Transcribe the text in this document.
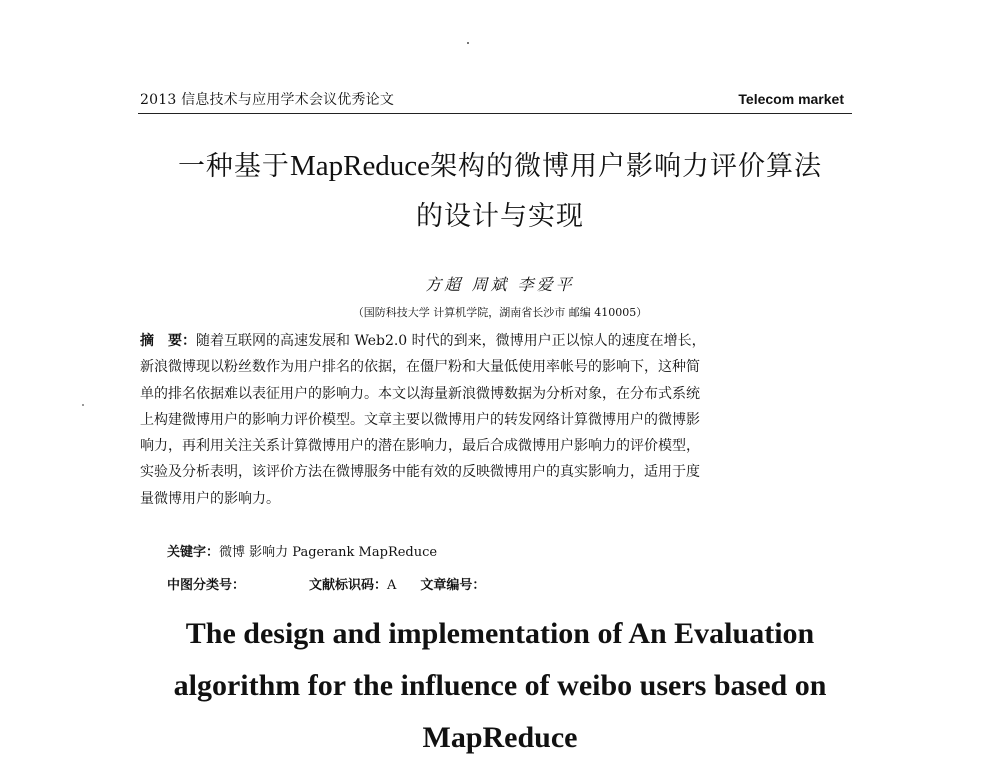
2013 信息技术与应用学术会议优秀论文	Telecom market
一种基于MapReduce架构的微博用户影响力评价算法
的设计与实现
方超 周斌 李爱平
（国防科技大学 计算机学院，湖南省长沙市 邮编 410005）
摘　要：随着互联网的高速发展和 Web2.0 时代的到来，微博用户正以惊人的速度在增长，
新浪微博现以粉丝数作为用户排名的依据，在僵尸粉和大量低使用率帐号的影响下，这种简
单的排名依据难以表征用户的影响力。本文以海量新浪微博数据为分析对象，在分布式系统
上构建微博用户的影响力评价模型。文章主要以微博用户的转发网络计算微博用户的微博影
响力，再利用关注关系计算微博用户的潜在影响力，最后合成微博用户影响力的评价模型，
实验及分析表明，该评价方法在微博服务中能有效的反映微博用户的真实影响力，适用于度
量微博用户的影响力。
关键字：微博 影响力 Pagerank MapReduce
中图分类号：	文献标识码：A 文章编号：
The design and implementation of An Evaluation
algorithm for the influence of weibo users based on
MapReduce
